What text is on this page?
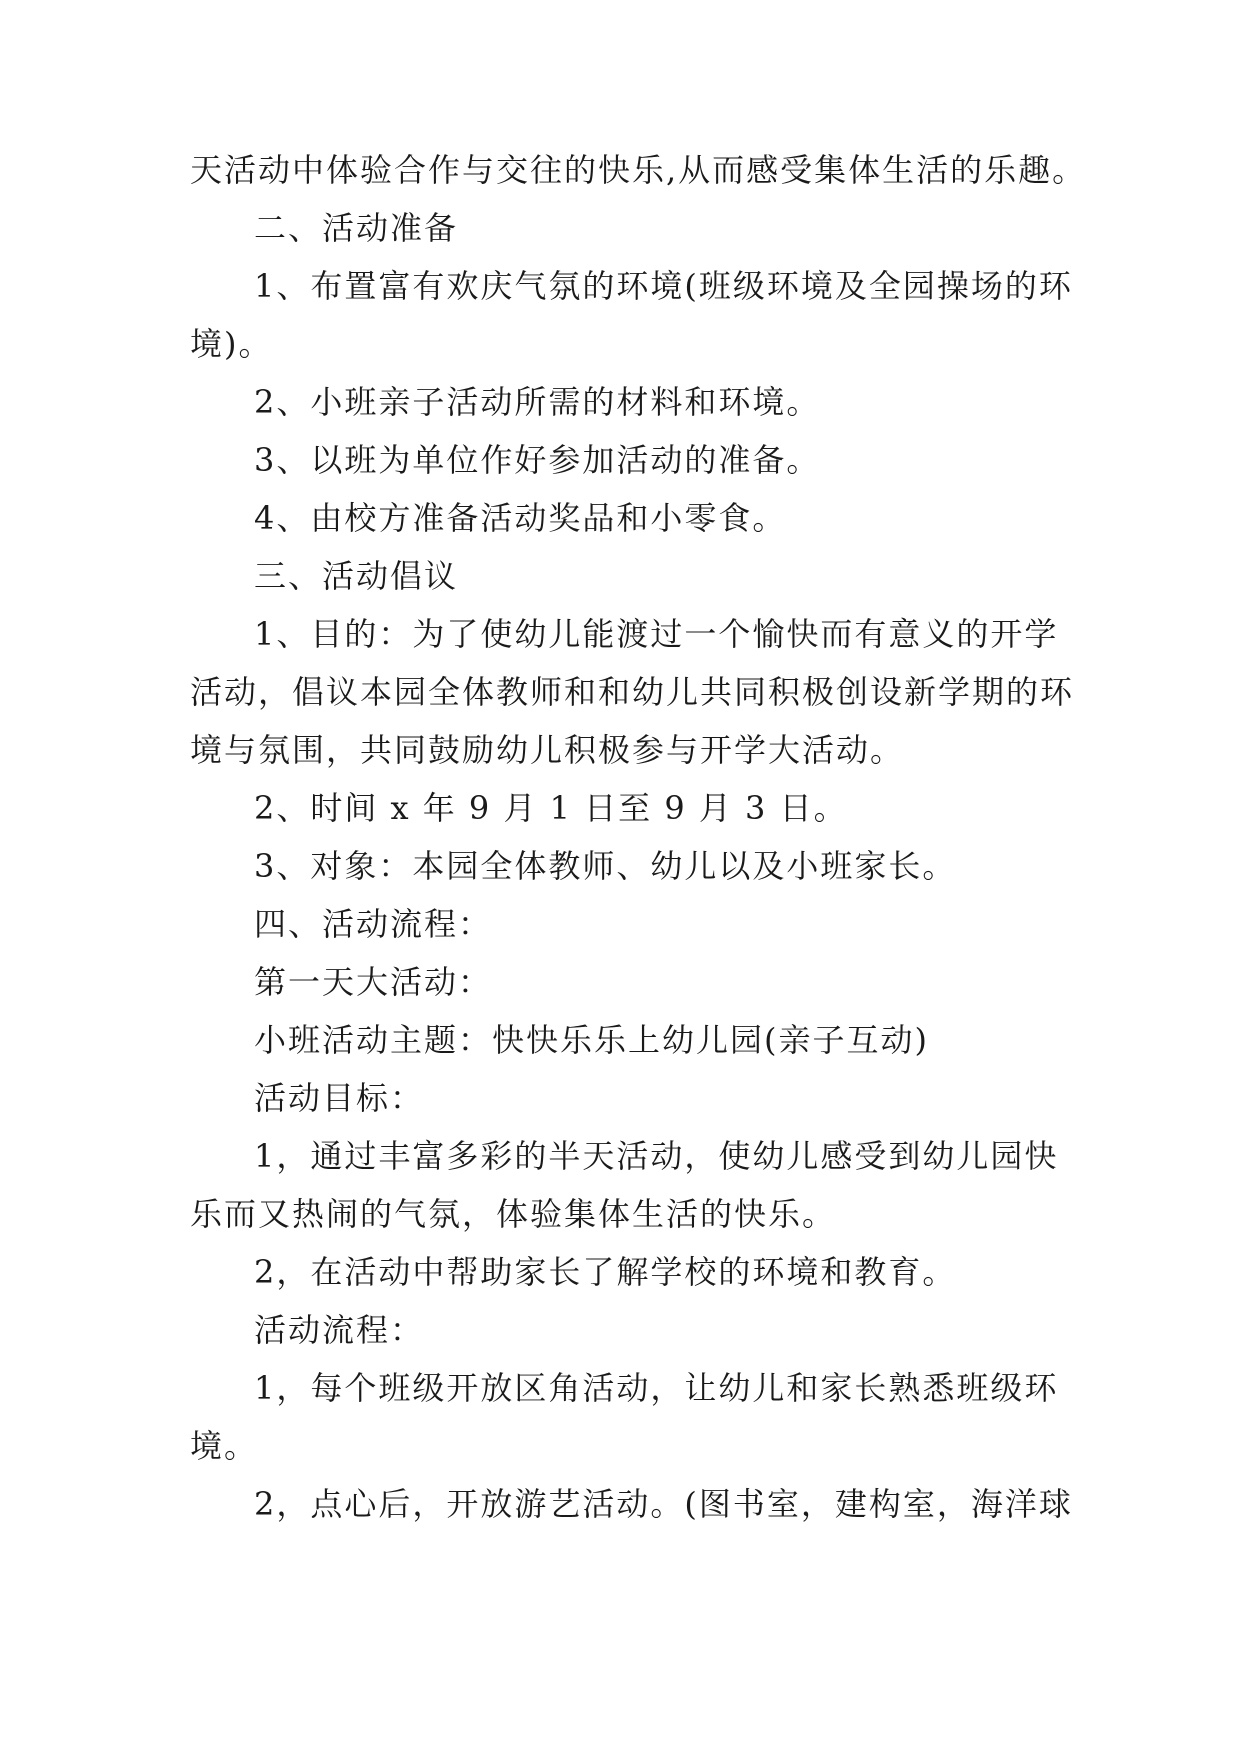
天活动中体验合作与交往的快乐,从而感受集体生活的乐趣。
二、活动准备
1、布置富有欢庆气氛的环境(班级环境及全园操场的环
境)。
2、小班亲子活动所需的材料和环境。
3、以班为单位作好参加活动的准备。
4、由校方准备活动奖品和小零食。
三、活动倡议
1、目的：为了使幼儿能渡过一个愉快而有意义的开学
活动，倡议本园全体教师和和幼儿共同积极创设新学期的环
境与氛围，共同鼓励幼儿积极参与开学大活动。
2、时间 x 年 9 月 1 日至 9 月 3 日。
3、对象：本园全体教师、幼儿以及小班家长。
四、活动流程：
第一天大活动：
小班活动主题：快快乐乐上幼儿园(亲子互动)
活动目标：
1，通过丰富多彩的半天活动，使幼儿感受到幼儿园快
乐而又热闹的气氛，体验集体生活的快乐。
2，在活动中帮助家长了解学校的环境和教育。
活动流程：
1，每个班级开放区角活动，让幼儿和家长熟悉班级环
境。
2，点心后，开放游艺活动。(图书室，建构室，海洋球
